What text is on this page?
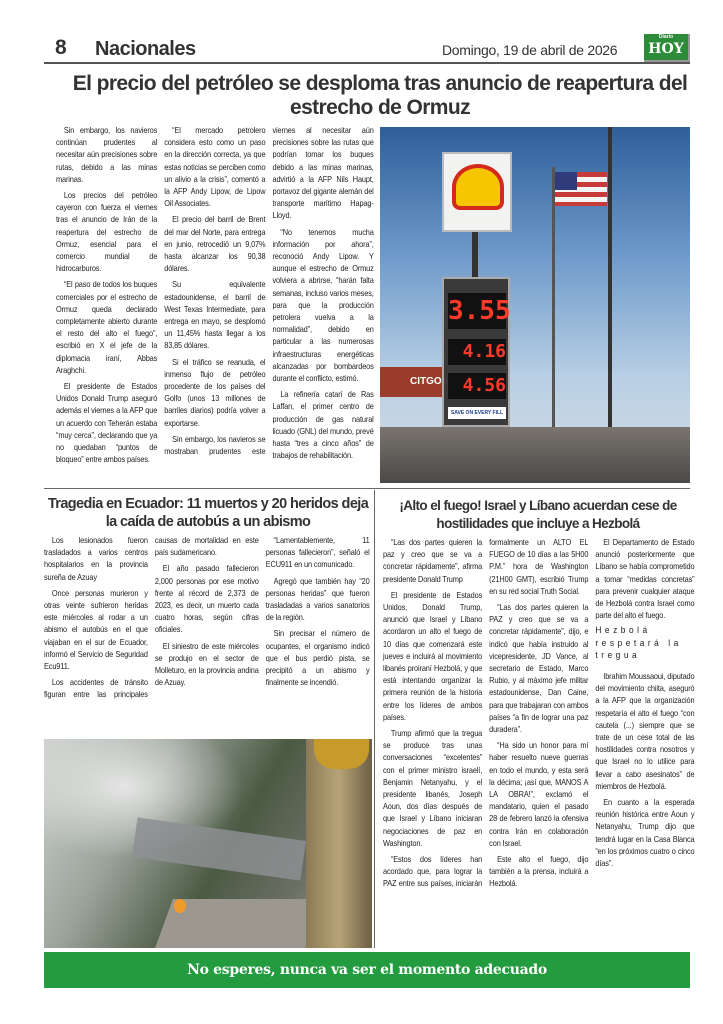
8 Nacionales	Domingo, 19 de abril de 2026
Diario
HOY
El precio del petróleo se desploma tras anuncio de reapertura del estrecho de Ormuz

Sin embargo, los navieros continúan prudentes al necesitar aún precisiones sobre rutas, debido a las minas marinas.

Los precios del petróleo cayeron con fuerza el viernes tras el anuncio de Irán de la reapertura del estrecho de Ormuz, esencial para el comercio mundial de hidrocarburos.

“El paso de todos los buques comerciales por el estrecho de Ormuz queda declarado completamente abierto durante el resto del alto el fuego”, escribió en X el jefe de la diplomacia iraní, Abbas Araghchi.

El presidente de Estados Unidos Donald Trump aseguró además el viernes a la AFP que un acuerdo con Teherán estaba “muy cerca”, declarando que ya no quedaban “puntos de bloqueo” entre ambos países.

“El mercado petrolero considera esto como un paso en la dirección correcta, ya que estas noticias se perciben como un alivio a la crisis”, comentó a la AFP Andy Lipow, de Lipow Oil Associates.

El precio del barril de Brent del mar del Norte, para entrega en junio, retrocedió un 9,07% hasta alcanzar los 90,38 dólares.

Su equivalente estadounidense, el barril de West Texas Intermediate, para entrega en mayo, se desplomó un 11,45% hasta llegar a los 83,85 dólares.

Si el tráfico se reanuda, el inmenso flujo de petróleo procedente de los países del Golfo (unos 13 millones de barriles diarios) podría volver a exportarse.

Sin embargo, los navieros se mostraban prudentes este viernes al necesitar aún precisiones sobre las rutas que podrían tomar los buques debido a las minas marinas, advirtió a la AFP Nils Haupt, portavoz del gigante alemán del transporte marítimo Hapag-Lloyd.

“No tenemos mucha información por ahora”, reconoció Andy Lipow. Y aunque el estrecho de Ormuz volviera a abrirse, “harán falta semanas, incluso varios meses, para que la producción petrolera vuelva a la normalidad”, debido en particular a las numerosas infraestructuras energéticas alcanzadas por bombardeos durante el conflicto, estimó.

La refinería catarí de Ras Laffan, el primer centro de producción de gas natural licuado (GNL) del mundo, prevé hasta “tres a cinco años” de trabajos de rehabilitación.

CITGO
3.55
4.16
4.56
SAVE ON EVERY FILL
Tragedia en Ecuador: 11 muertos y 20 heridos deja la caída de autobús a un abismo

Los lesionados fueron trasladados a varios centros hospitalarios en la provincia sureña de Azuay

Once personas murieron y otras veinte sufrieron heridas este miércoles al rodar a un abismo el autobús en el que viajaban en el sur de Ecuador, informó el Servicio de Seguridad Ecu911.

Los accidentes de tránsito figuran entre las principales causas de mortalidad en este país sudamericano.

El año pasado fallecieron 2,000 personas por ese motivo frente al récord de 2,373 de 2023, es decir, un muerto cada cuatro horas, según cifras oficiales.

El siniestro de este miércoles se produjo en el sector de Molleturo, en la provincia andina de Azuay.

“Lamentablemente, 11 personas fallecieron”, señaló el ECU911 en un comunicado.

Agregó que también hay “20 personas heridas” que fueron trasladadas a varios sanatorios de la región.

Sin precisar el número de ocupantes, el organismo indicó que el bus perdió pista, se precipitó a un abismo y finalmente se incendió.

¡Alto el fuego! Israel y Líbano acuerdan cese de hostilidades que incluye a Hezbolá

“Las dos partes quieren la paz y creo que se va a concretar rápidamente”, afirma presidente Donald Trump

El presidente de Estados Unidos, Donald Trump, anunció que Israel y Líbano acordaron un alto el fuego de 10 días que comenzará este jueves e incluirá al movimiento libanés proiraní Hezbolá, y que está intentando organizar la primera reunión de la historia entre los líderes de ambos países.

Trump afirmó que la tregua se produce tras unas conversaciones “excelentes” con el primer ministro israelí, Benjamin Netanyahu, y el presidente libanés, Joseph Aoun, dos días después de que Israel y Líbano iniciaran negociaciones de paz en Washington.

“Estos dos líderes han acordado que, para lograr la PAZ entre sus países, iniciarán formalmente un ALTO EL FUEGO de 10 días a las 5H00 P.M.” hora de Washington (21H00 GMT), escribió Trump en su red social Truth Social.

“Las dos partes quieren la PAZ y creo que se va a concretar rápidamente”, dijo, e indicó que había instruido al vicepresidente, JD Vance, al secretario de Estado, Marco Rubio, y al máximo jefe militar estadounidense, Dan Caine, para que trabajaran con ambos países “a fin de lograr una paz duradera”.

“Ha sido un honor para mí haber resuelto nueve guerras en todo el mundo, y esta será la décima; ¡así que, MANOS A LA OBRA!”, exclamó el mandatario, quien el pasado 28 de febrero lanzó la ofensiva contra Irán en colaboración con Israel.

Este alto el fuego, dijo también a la prensa, incluirá a Hezbolá.

El Departamento de Estado anunció posteriormente que Líbano se había comprometido a tomar “medidas concretas” para prevenir cualquier ataque de Hezbolá contra Israel como parte del alto el fuego.

Hezbolá respetará la tregua

Ibrahim Moussaoui, diputado del movimiento chiita, aseguró a la AFP que la organización respetaría el alto el fuego “con cautela (...) siempre que se trate de un cese total de las hostilidades contra nosotros y que Israel no lo utilice para llevar a cabo asesinatos” de miembros de Hezbolá.

En cuanto a la esperada reunión histórica entre Aoun y Netanyahu, Trump dijo que tendrá lugar en la Casa Blanca “en los próximos cuatro o cinco días”.

No esperes, nunca va ser el momento adecuado
